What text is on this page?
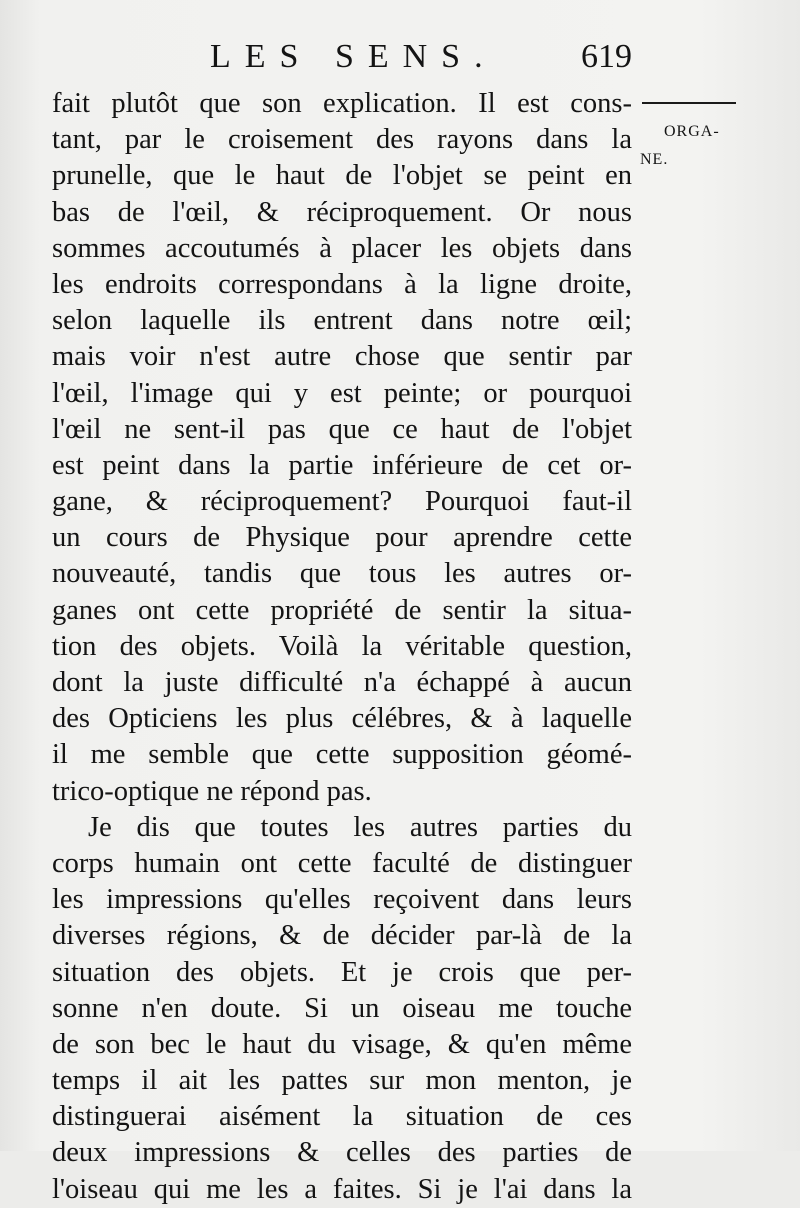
LES SENS. 619
ORGA-
NE.
fait plutôt que son explication. Il est cons-
tant, par le croisement des rayons dans la
prunelle, que le haut de l'objet se peint en
bas de l'œil, & réciproquement. Or nous
sommes accoutumés à placer les objets dans
les endroits correspondans à la ligne droite,
selon laquelle ils entrent dans notre œil;
mais voir n'est autre chose que sentir par
l'œil, l'image qui y est peinte; or pourquoi
l'œil ne sent-il pas que ce haut de l'objet
est peint dans la partie inférieure de cet or-
gane, & réciproquement? Pourquoi faut-il
un cours de Physique pour aprendre cette
nouveauté, tandis que tous les autres or-
ganes ont cette propriété de sentir la situa-
tion des objets. Voilà la véritable question,
dont la juste difficulté n'a échappé à aucun
des Opticiens les plus célébres, & à laquelle
il me semble que cette supposition géomé-
trico-optique ne répond pas.
Je dis que toutes les autres parties du
corps humain ont cette faculté de distinguer
les impressions qu'elles reçoivent dans leurs
diverses régions, & de décider par-là de la
situation des objets. Et je crois que per-
sonne n'en doute. Si un oiseau me touche
de son bec le haut du visage, & qu'en même
temps il ait les pattes sur mon menton, je
distinguerai aisément la situation de ces
deux impressions & celles des parties de
l'oiseau qui me les a faites. Si je l'ai dans la
